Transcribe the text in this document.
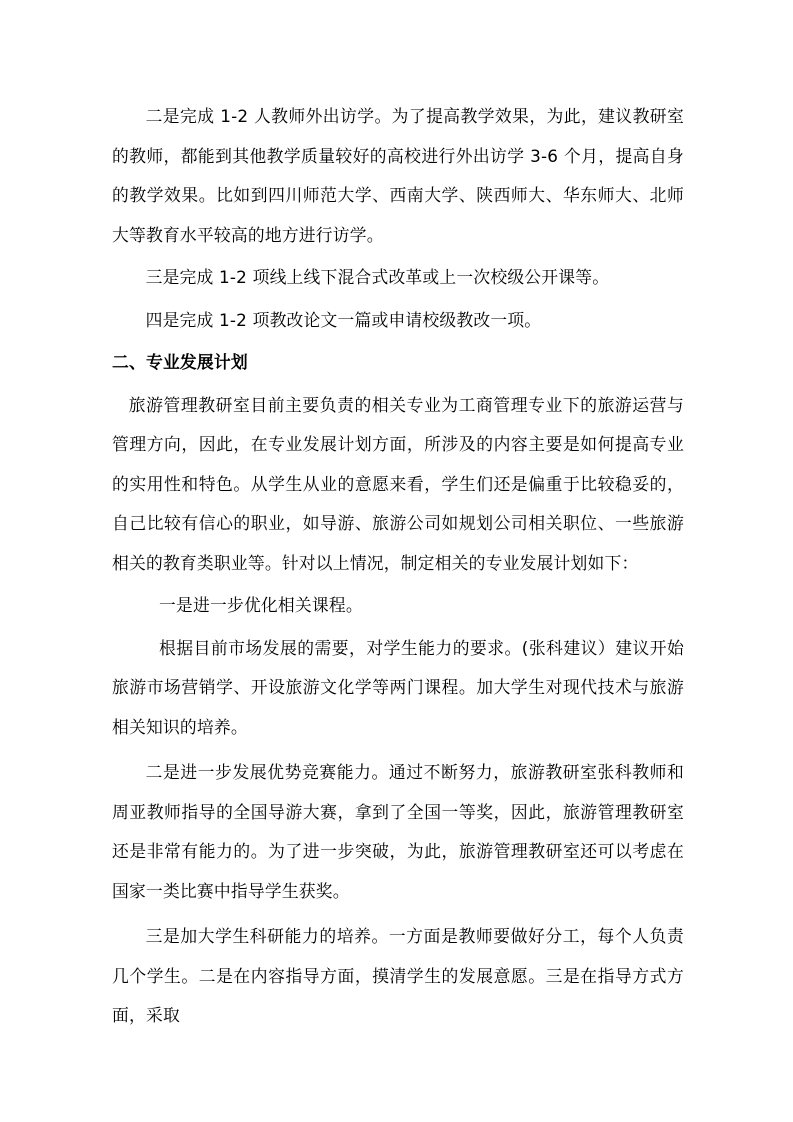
二是完成 1-2 人教师外出访学。为了提高教学效果，为此，建议教研室的教师，都能到其他教学质量较好的高校进行外出访学 3-6 个月，提高自身的教学效果。比如到四川师范大学、西南大学、陕西师大、华东师大、北师大等教育水平较高的地方进行访学。

三是完成 1-2 项线上线下混合式改革或上一次校级公开课等。

四是完成 1-2 项教改论文一篇或申请校级教改一项。

二、专业发展计划

旅游管理教研室目前主要负责的相关专业为工商管理专业下的旅游运营与管理方向，因此，在专业发展计划方面，所涉及的内容主要是如何提高专业的实用性和特色。从学生从业的意愿来看，学生们还是偏重于比较稳妥的，自己比较有信心的职业，如导游、旅游公司如规划公司相关职位、一些旅游相关的教育类职业等。针对以上情况，制定相关的专业发展计划如下：

一是进一步优化相关课程。

根据目前市场发展的需要，对学生能力的要求。(张科建议）建议开始旅游市场营销学、开设旅游文化学等两门课程。加大学生对现代技术与旅游相关知识的培养。

二是进一步发展优势竞赛能力。通过不断努力，旅游教研室张科教师和周亚教师指导的全国导游大赛，拿到了全国一等奖，因此，旅游管理教研室还是非常有能力的。为了进一步突破，为此，旅游管理教研室还可以考虑在国家一类比赛中指导学生获奖。

三是加大学生科研能力的培养。一方面是教师要做好分工，每个人负责几个学生。二是在内容指导方面，摸清学生的发展意愿。三是在指导方式方面，采取
